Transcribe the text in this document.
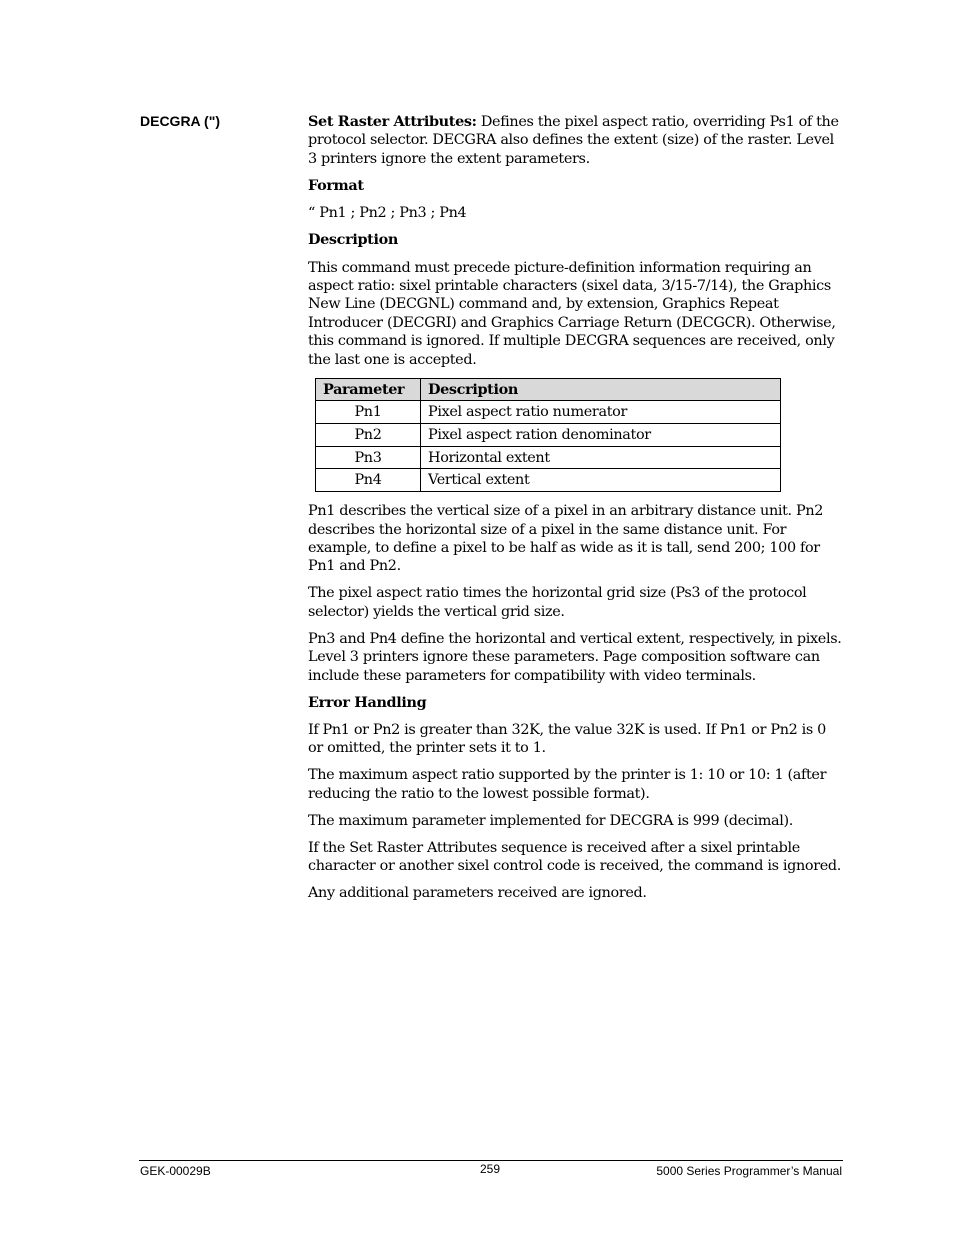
DECGRA (")	Set Raster Attributes: Defines the pixel aspect ratio, overriding Ps1 of the protocol selector. DECGRA also defines the extent (size) of the raster. Level 3 printers ignore the extent parameters.

Format

“ Pn1 ; Pn2 ; Pn3 ; Pn4

Description

This command must precede picture-definition information requiring an aspect ratio: sixel printable characters (sixel data, 3/15-7/14), the Graphics New Line (DECGNL) command and, by extension, Graphics Repeat Introducer (DECGRI) and Graphics Carriage Return (DECGCR). Otherwise, this command is ignored. If multiple DECGRA sequences are received, only the last one is accepted.

Parameter	Description
Pn1	Pixel aspect ratio numerator
Pn2	Pixel aspect ration denominator
Pn3	Horizontal extent
Pn4	Vertical extent

Pn1 describes the vertical size of a pixel in an arbitrary distance unit. Pn2 describes the horizontal size of a pixel in the same distance unit. For example, to define a pixel to be half as wide as it is tall, send 200; 100 for Pn1 and Pn2.

The pixel aspect ratio times the horizontal grid size (Ps3 of the protocol selector) yields the vertical grid size.

Pn3 and Pn4 define the horizontal and vertical extent, respectively, in pixels. Level 3 printers ignore these parameters. Page composition software can include these parameters for compatibility with video terminals.

Error Handling

If Pn1 or Pn2 is greater than 32K, the value 32K is used. If Pn1 or Pn2 is 0 or omitted, the printer sets it to 1.

The maximum aspect ratio supported by the printer is 1: 10 or 10: 1 (after reducing the ratio to the lowest possible format).

The maximum parameter implemented for DECGRA is 999 (decimal).

If the Set Raster Attributes sequence is received after a sixel printable character or another sixel control code is received, the command is ignored.

Any additional parameters received are ignored.

GEK-00029B	259	5000 Series Programmer’s Manual
